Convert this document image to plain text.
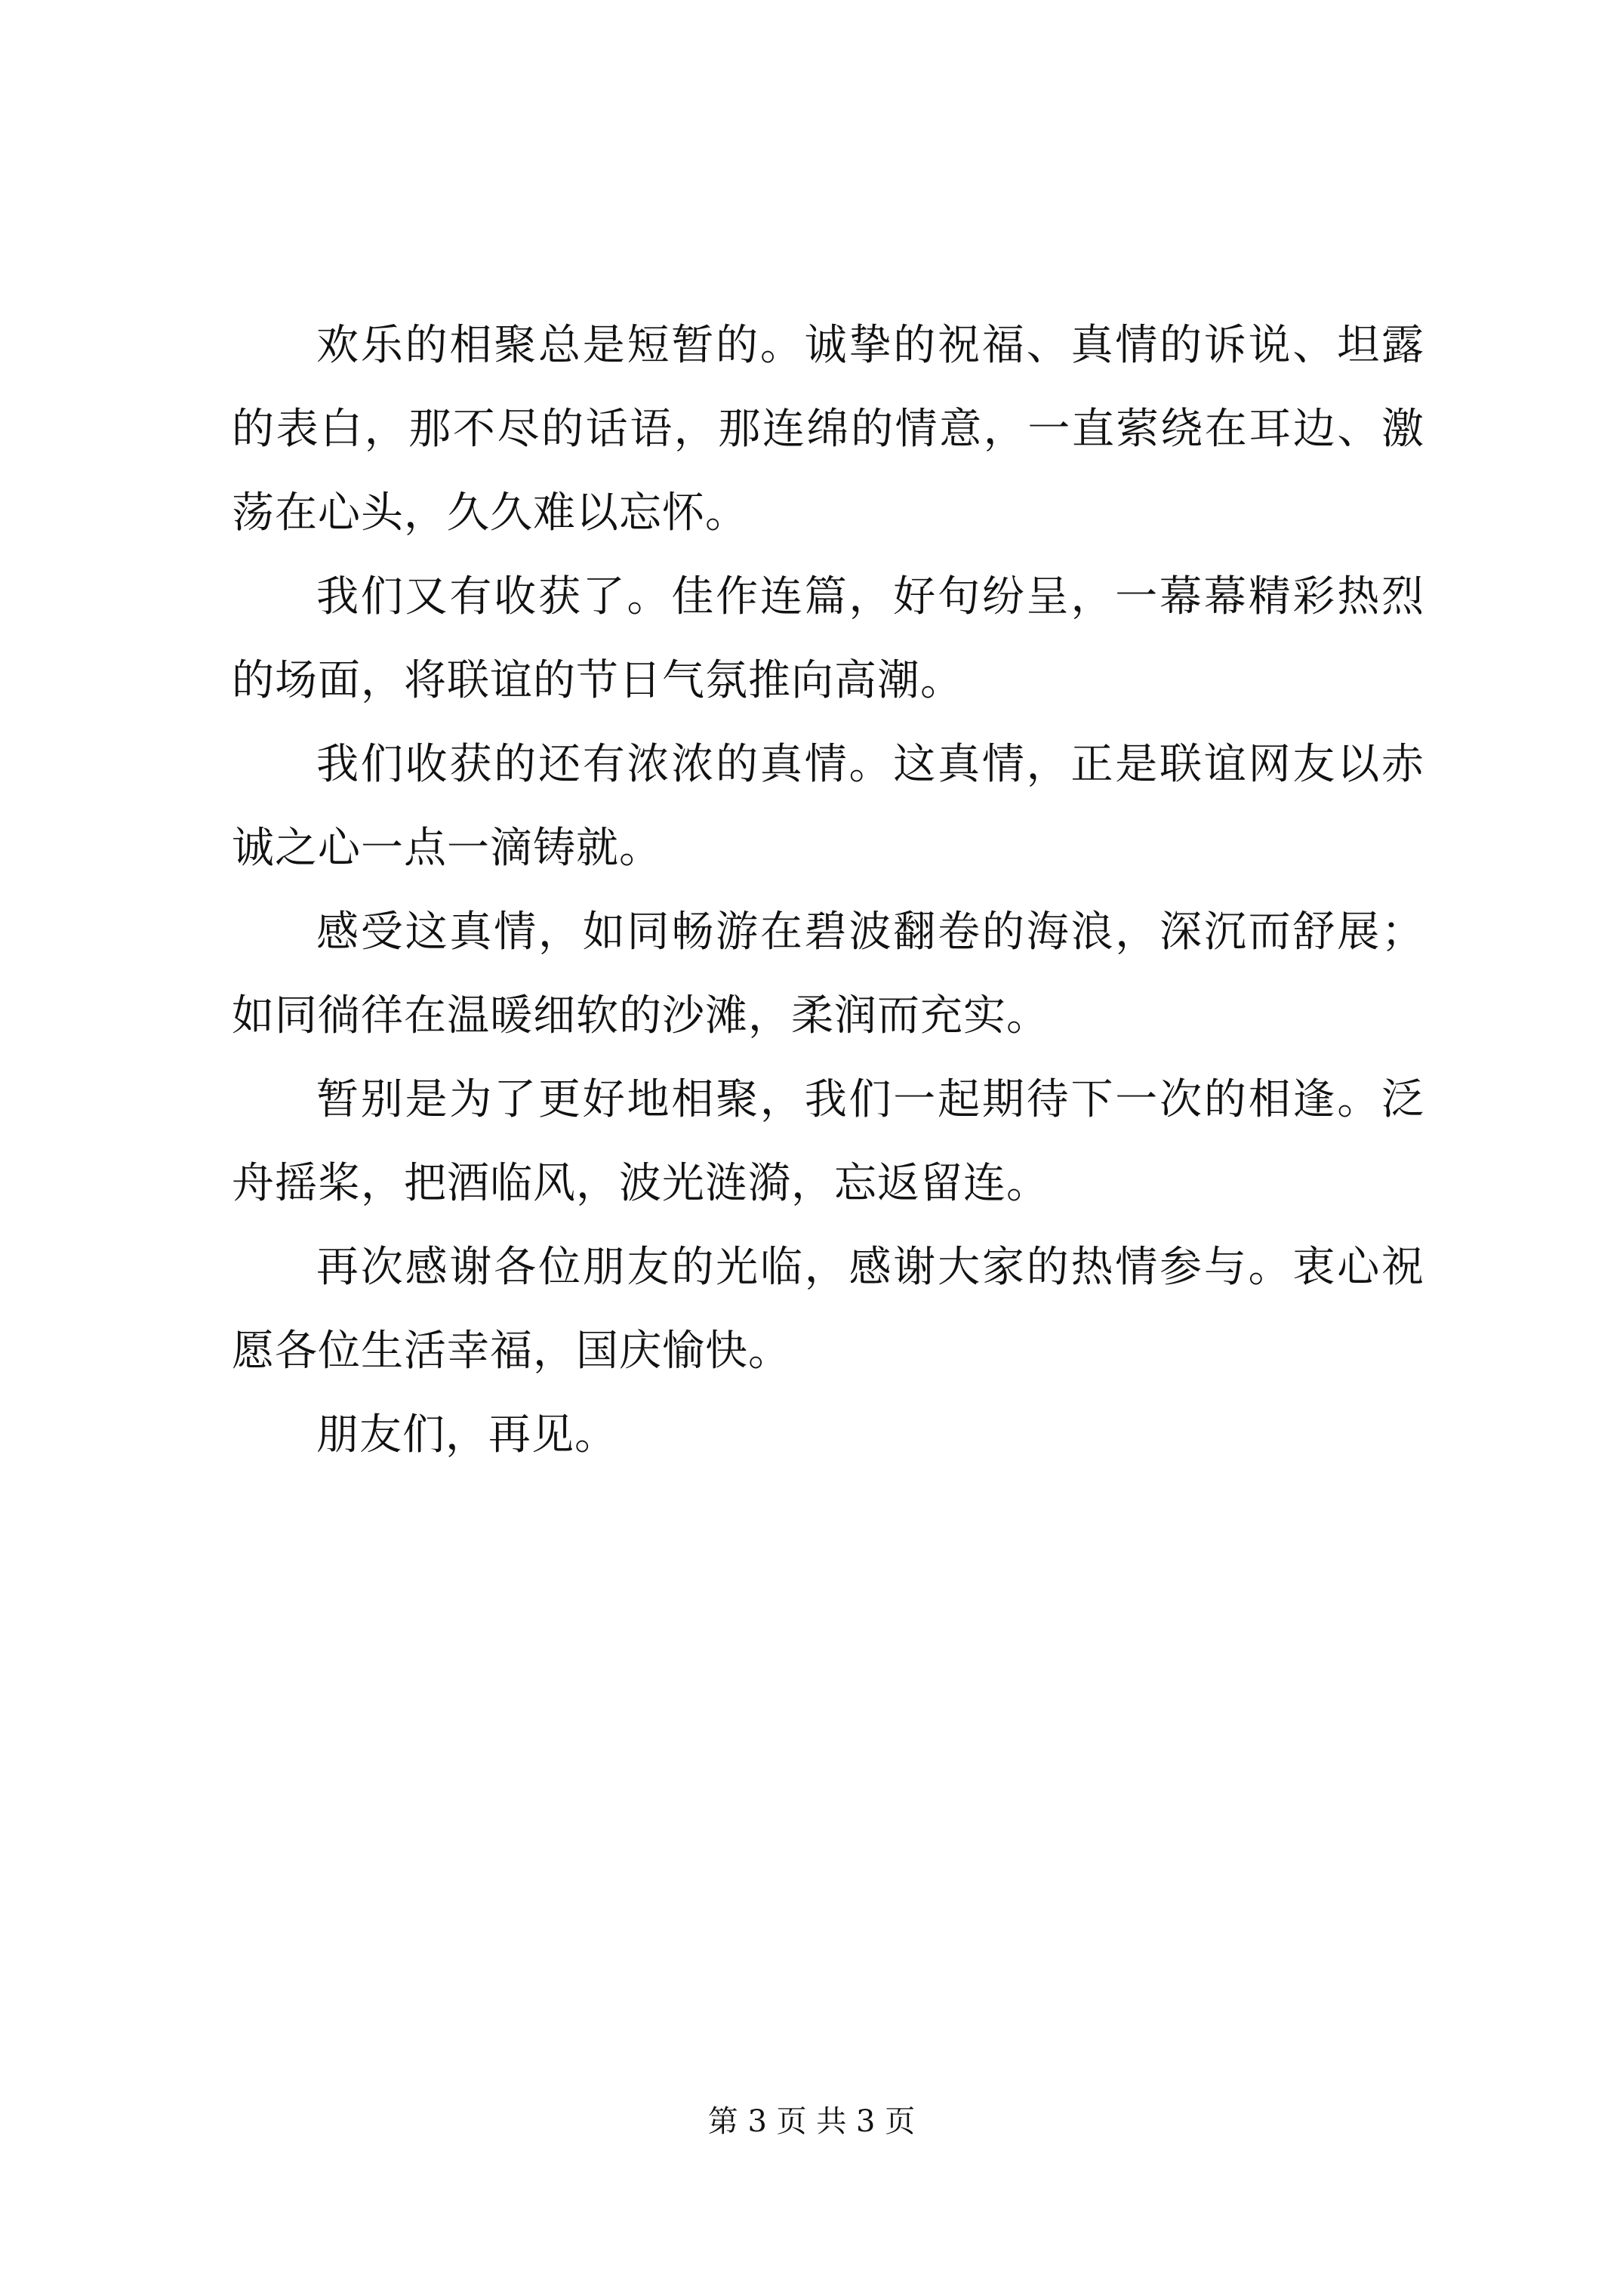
欢乐的相聚总是短暂的。诚挚的祝福、真情的诉说、坦露的表白，那不尽的话语，那连绵的情意，一直萦绕在耳边、激荡在心头，久久难以忘怀。

我们又有收获了。佳作连篇，好句纷呈，一幕幕精彩热烈的场面，将联谊的节日气氛推向高潮。

我们收获的还有浓浓的真情。这真情，正是联谊网友以赤诚之心一点一滴铸就。

感受这真情，如同畅游在碧波翻卷的海浪，深沉而舒展；如同徜徉在温暖细软的沙滩，柔润而充实。

暂别是为了更好地相聚，我们一起期待下一次的相逢。泛舟摇桨，把酒临风，波光涟漪，忘返留连。

再次感谢各位朋友的光临，感谢大家的热情参与。衷心祝愿各位生活幸福，国庆愉快。

朋友们，再见。

第 3 页 共 3 页
